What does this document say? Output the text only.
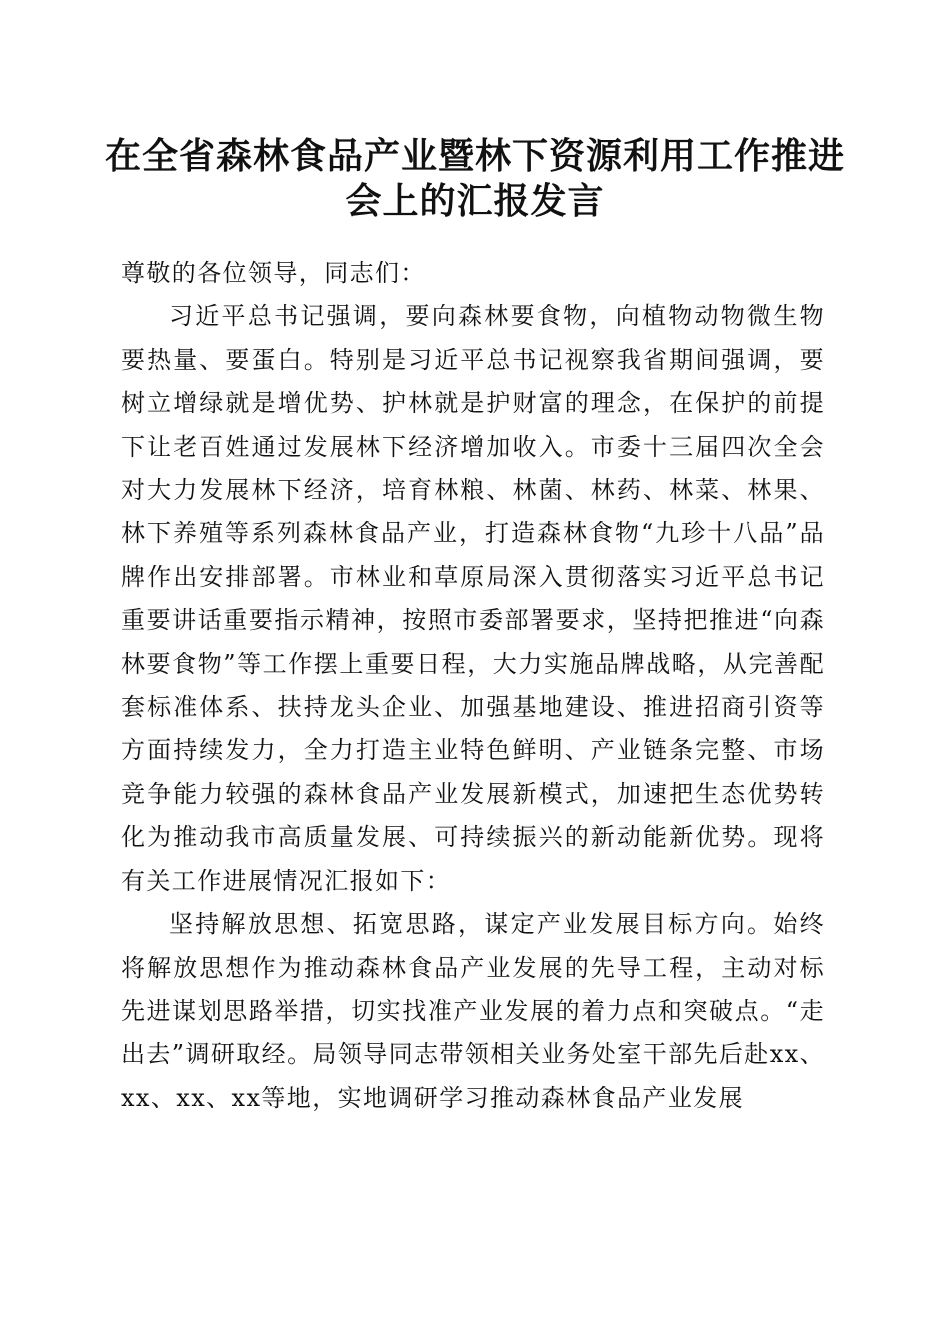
在全省森林食品产业暨林下资源利用工作推进
会上的汇报发言

尊敬的各位领导，同志们：

习近平总书记强调，要向森林要食物，向植物动物微生物要热量、要蛋白。特别是习近平总书记视察我省期间强调，要树立增绿就是增优势、护林就是护财富的理念，在保护的前提下让老百姓通过发展林下经济增加收入。市委十三届四次全会对大力发展林下经济，培育林粮、林菌、林药、林菜、林果、林下养殖等系列森林食品产业，打造森林食物“九珍十八品”品牌作出安排部署。市林业和草原局深入贯彻落实习近平总书记重要讲话重要指示精神，按照市委部署要求，坚持把推进“向森林要食物”等工作摆上重要日程，大力实施品牌战略，从完善配套标准体系、扶持龙头企业、加强基地建设、推进招商引资等方面持续发力，全力打造主业特色鲜明、产业链条完整、市场竞争能力较强的森林食品产业发展新模式，加速把生态优势转化为推动我市高质量发展、可持续振兴的新动能新优势。现将有关工作进展情况汇报如下：

坚持解放思想、拓宽思路，谋定产业发展目标方向。始终将解放思想作为推动森林食品产业发展的先导工程，主动对标先进谋划思路举措，切实找准产业发展的着力点和突破点。“走出去”调研取经。局领导同志带领相关业务处室干部先后赴xx、xx、xx、xx等地，实地调研学习推动森林食品产业发展
